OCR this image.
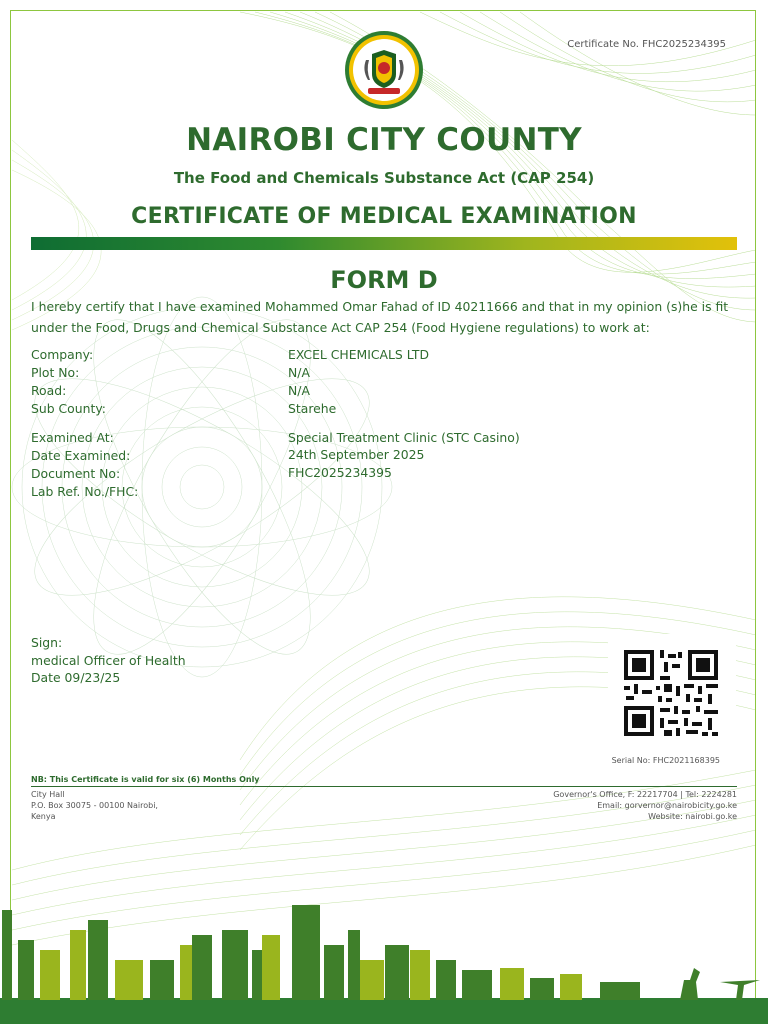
Certificate No. FHC2025234395
NAIROBI CITY COUNTY
The Food and Chemicals Substance Act (CAP 254)
CERTIFICATE OF MEDICAL EXAMINATION
FORM D
I hereby certify that I have examined Mohammed Omar Fahad of ID 40211666 and that in my opinion (s)he is fit under the Food, Drugs and Chemical Substance Act CAP 254 (Food Hygiene regulations) to work at:
Company:	EXCEL CHEMICALS LTD
Plot No:	N/A
Road:	N/A
Sub County:	Starehe
Examined At:	Special Treatment Clinic (STC Casino)
Date Examined:	24th September 2025
Document No:	FHC2025234395
Lab Ref. No./FHC:
Sign:
medical Officer of Health
Date 09/23/25
Serial No: FHC2021168395
NB: This Certificate is valid for six (6) Months Only
City Hall
P.O. Box 30075 - 00100 Nairobi,
Kenya
Governor's Office, F: 22217704 | Tel: 2224281
Email: gorvernor@nairobicity.go.ke
Website: nairobi.go.ke
